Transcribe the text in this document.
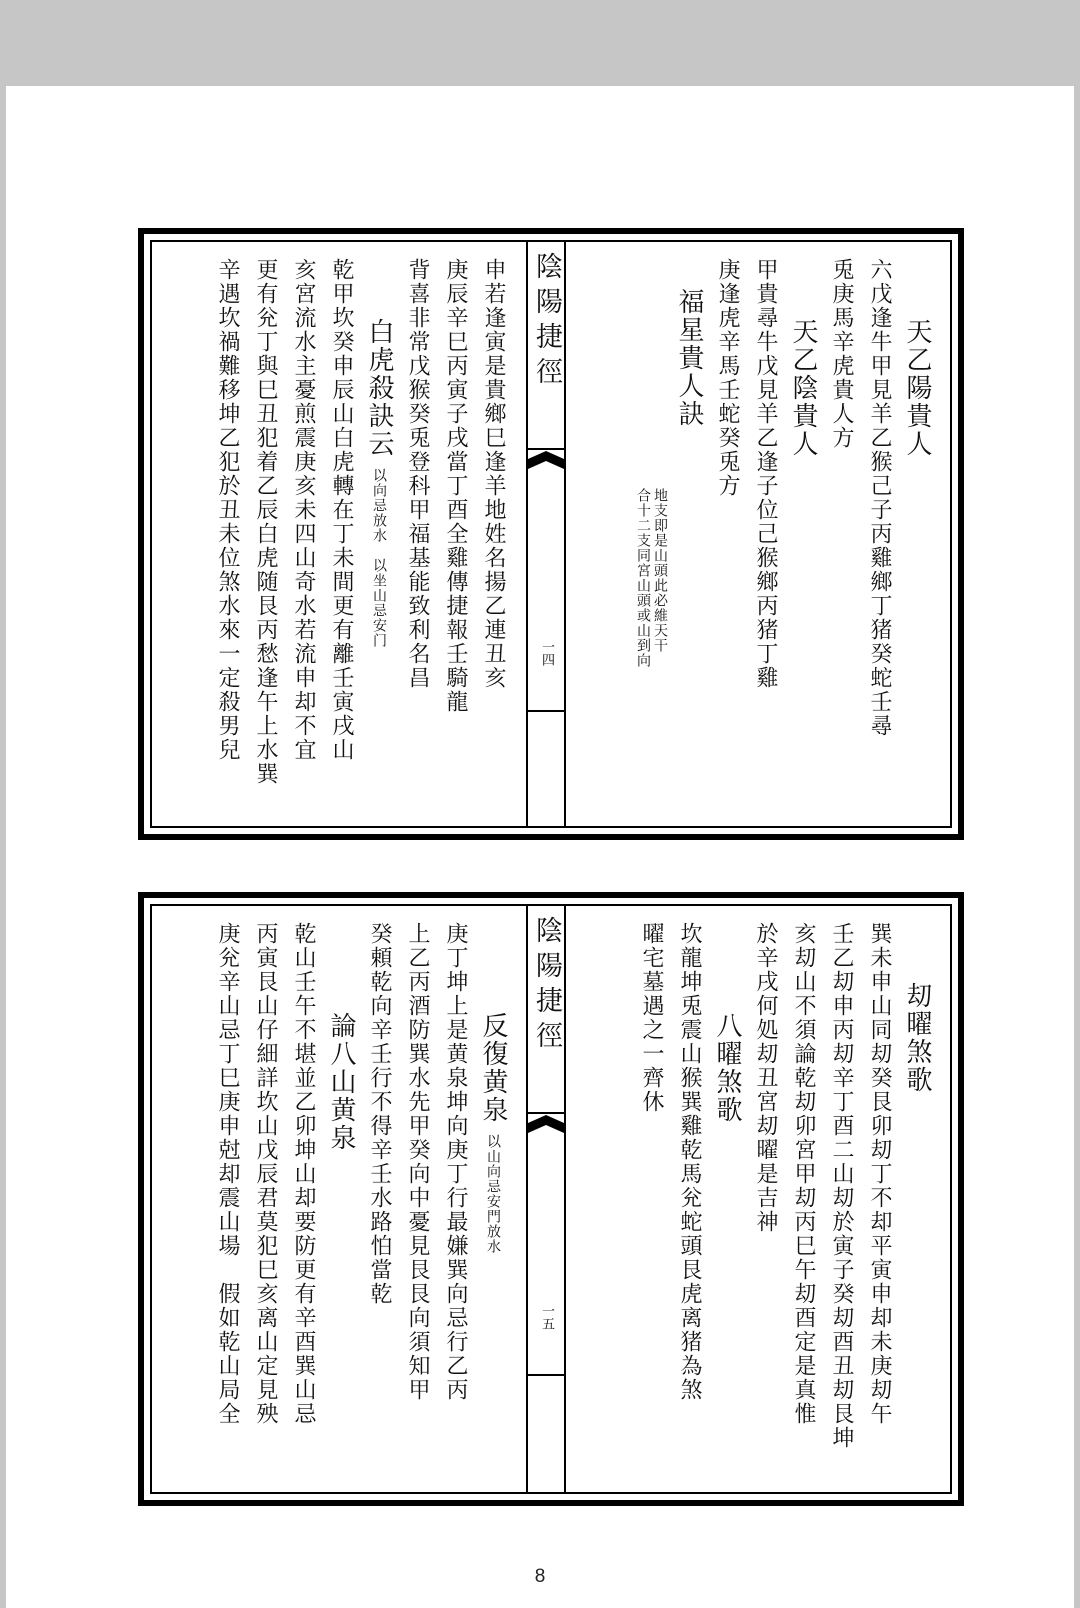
天乙陽貴人
六戊逢牛甲見羊乙猴己子丙雞鄉丁猪癸蛇壬尋
兎庚馬辛虎貴人方
天乙陰貴人
甲貴尋牛戊見羊乙逢子位己猴鄉丙猪丁雞
庚逢虎辛馬壬蛇癸兎方
福星貴人訣
地支即是山頭此必維天干
合十二支同宮山頭或山到向
陰陽捷徑
一四
申若逢寅是貴鄉巳逢羊地姓名揚乙連丑亥
庚辰辛巳丙寅子戌當丁酉全雞傳捷報壬騎龍
背喜非常戊猴癸兎登科甲福基能致利名昌
白虎殺訣云以向忌放水　以坐山忌安门
乾甲坎癸申辰山白虎轉在丁未間更有離壬寅戌山
亥宮流水主憂煎震庚亥未四山奇水若流申却不宜
更有兊丁與巳丑犯着乙辰白虎随艮丙愁逢午上水巽
辛遇坎禍難移坤乙犯於丑未位煞水來一定殺男兒
刧曜煞歌
巽未申山同刧癸艮卯刧丁不却平寅申却未庚刧午
壬乙刧申丙刧辛丁酉二山刧於寅子癸刧酉丑刧艮坤
亥刧山不須論乾刧卯宮甲刧丙巳午刧酉定是真惟
於辛戌何処刧丑宮刧曜是吉神
八曜煞歌
坎龍坤兎震山猴巽雞乾馬兊蛇頭艮虎离猪為煞
曜宅墓遇之一齊休
陰陽捷徑
一五
反復黄泉以山向忌安門放水
庚丁坤上是黄泉坤向庚丁行最嫌巽向忌行乙丙
上乙丙酒防巽水先甲癸向中憂見艮艮向須知甲
癸頼乾向辛壬行不得辛壬水路怕當乾
論八山黄泉
乾山壬午不堪並乙卯坤山却要防更有辛酉巽山忌
丙寅艮山仔細詳坎山戊辰君莫犯巳亥离山定見殃
庚兊辛山忌丁巳庚申尅却震山場　假如乾山局全
8
